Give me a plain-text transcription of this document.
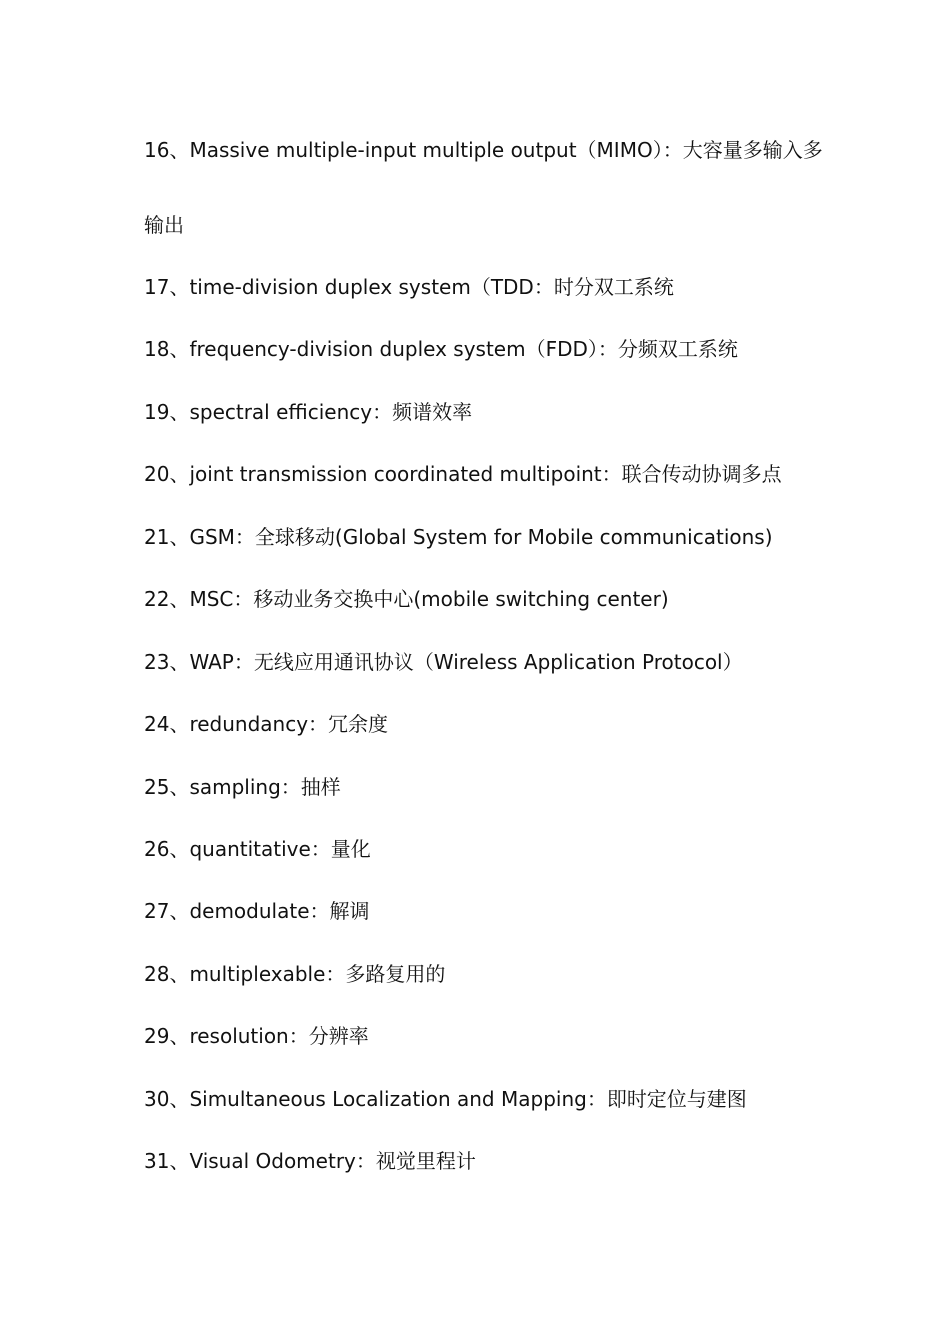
16、Massive multiple-input multiple output（MIMO）：大容量多输入多
输出
17、time-division duplex system（TDD：时分双工系统
18、frequency-division duplex system（FDD）：分频双工系统
19、spectral efficiency：频谱效率
20、joint transmission coordinated multipoint：联合传动协调多点
21、GSM：全球移动(Global System for Mobile communications)
22、MSC：移动业务交换中心(mobile switching center)
23、WAP：无线应用通讯协议（Wireless Application Protocol）
24、redundancy：冗余度
25、sampling：抽样
26、quantitative：量化
27、demodulate：解调
28、multiplexable：多路复用的
29、resolution：分辨率
30、Simultaneous Localization and Mapping：即时定位与建图
31、Visual Odometry：视觉里程计
